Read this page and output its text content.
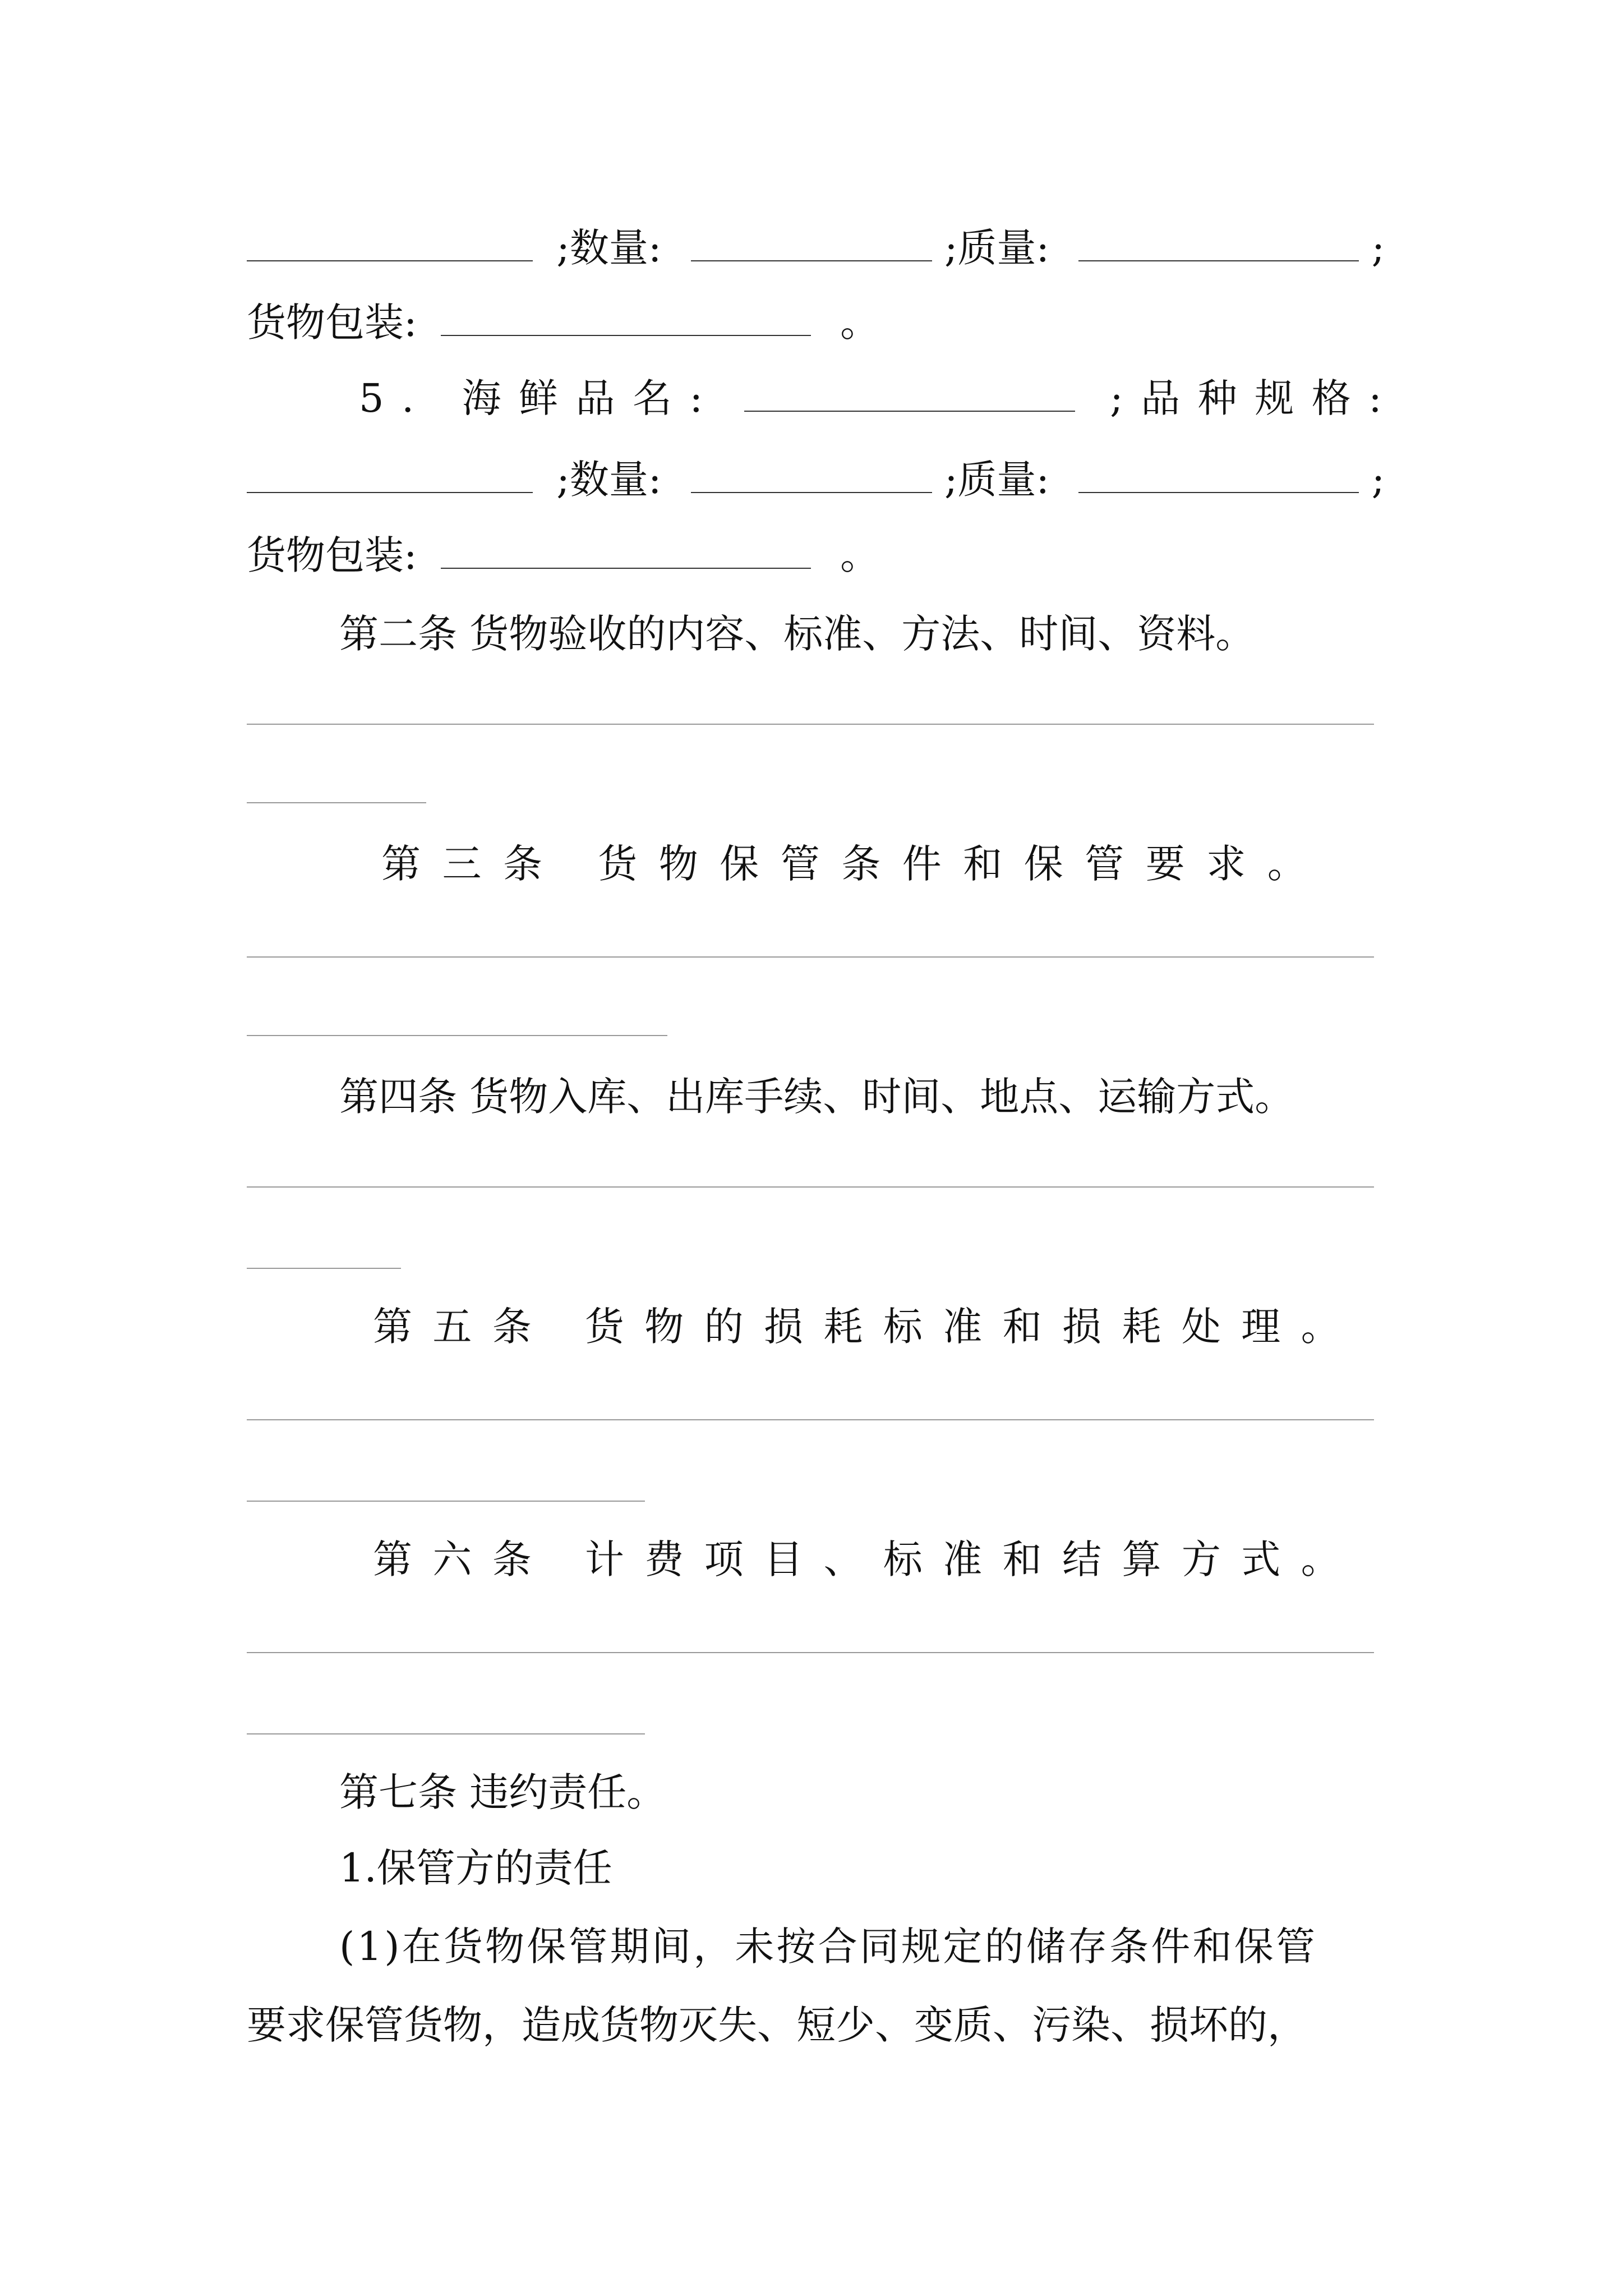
;数量:	;质量:	;
货物包装:	。
5. 海鲜品名:	;品种规格:
;数量:	;质量:	;
货物包装:	。
第二条 货物验收的内容、标准、方法、时间、资料。
第三条 货物保管条件和保管要求。
第四条 货物入库、出库手续、时间、地点、运输方式。
第五条 货物的损耗标准和损耗处理。
第六条 计费项目、标准和结算方式。
第七条 违约责任。
1.保管方的责任
(1)在货物保管期间，未按合同规定的储存条件和保管
要求保管货物，造成货物灭失、短少、变质、污染、损坏的，
